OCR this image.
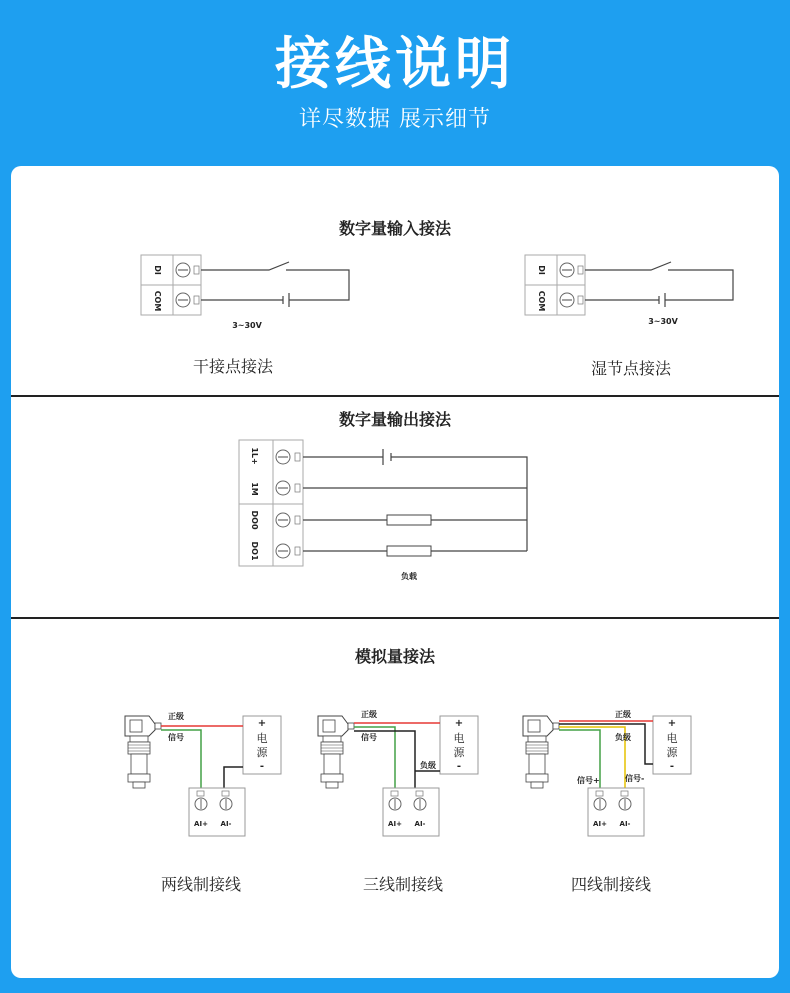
接线说明
详尽数据 展示细节
数字量输入接法
DI
COM
3~30V
干接点接法
DI
COM
3~30V
湿节点接法
数字量输出接法
1L+
1M
DO0
DO1
负载
模拟量接法
+
电
源
-
正级
信号
AI+ AI-
两线制接线
+
电
源
-
正级
信号
负级
AI+ AI-
三线制接线
+
电
源
-
正级
负级
信号+	信号-
AI+ AI-
四线制接线
